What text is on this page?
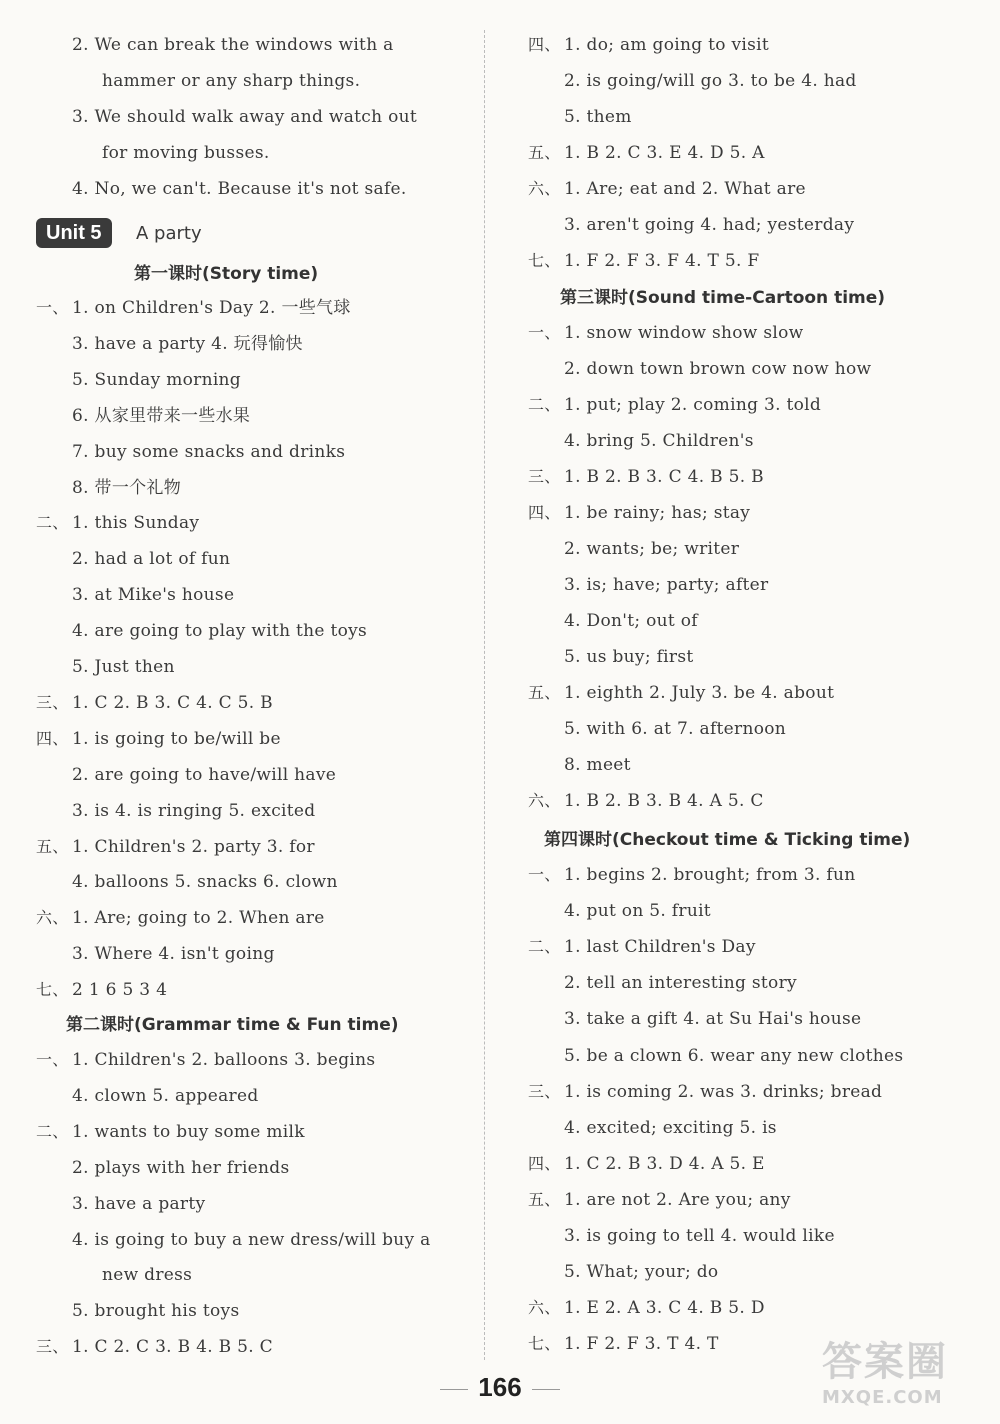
2. We can break the windows with a
hammer or any sharp things.
3. We should walk away and watch out
for moving busses.
4. No, we can't. Because it's not safe.
一、 1. on Children's Day 2. 一些气球
3. have a party 4. 玩得愉快
5. Sunday morning
6. 从家里带来一些水果
7. buy some snacks and drinks
8. 带一个礼物
二、 1. this Sunday
2. had a lot of fun
3. at Mike's house
4. are going to play with the toys
5. Just then
三、 1. C 2. B 3. C 4. C 5. B
四、 1. is going to be/will be
2. are going to have/will have
3. is 4. is ringing 5. excited
五、 1. Children's 2. party 3. for
4. balloons 5. snacks 6. clown
六、 1. Are; going to 2. When are
3. Where 4. isn't going
七、 2 1 6 5 3 4
一、 1. Children's 2. balloons 3. begins
4. clown 5. appeared
二、 1. wants to buy some milk
2. plays with her friends
3. have a party
4. is going to buy a new dress/will buy a
new dress
5. brought his toys
三、 1. C 2. C 3. B 4. B 5. C
四、 1. do; am going to visit
2. is going/will go 3. to be 4. had
5. them
五、 1. B 2. C 3. E 4. D 5. A
六、 1. Are; eat and 2. What are
3. aren't going 4. had; yesterday
七、 1. F 2. F 3. F 4. T 5. F
一、 1. snow window show slow
2. down town brown cow now how
二、 1. put; play 2. coming 3. told
4. bring 5. Children's
三、 1. B 2. B 3. C 4. B 5. B
四、 1. be rainy; has; stay
2. wants; be; writer
3. is; have; party; after
4. Don't; out of
5. us buy; first
五、 1. eighth 2. July 3. be 4. about
5. with 6. at 7. afternoon
8. meet
六、 1. B 2. B 3. B 4. A 5. C
一、 1. begins 2. brought; from 3. fun
4. put on 5. fruit
二、 1. last Children's Day
2. tell an interesting story
3. take a gift 4. at Su Hai's house
5. be a clown 6. wear any new clothes
三、 1. is coming 2. was 3. drinks; bread
4. excited; exciting 5. is
四、 1. C 2. B 3. D 4. A 5. E
五、 1. are not 2. Are you; any
3. is going to tell 4. would like
5. What; your; do
六、 1. E 2. A 3. C 4. B 5. D
七、 1. F 2. F 3. T 4. T
Unit 5	A party
第一课时(Story time)
第二课时(Grammar time & Fun time)
第三课时(Sound time-Cartoon time)
第四课时(Checkout time & Ticking time)
166
答案圈
MXQE.COM
